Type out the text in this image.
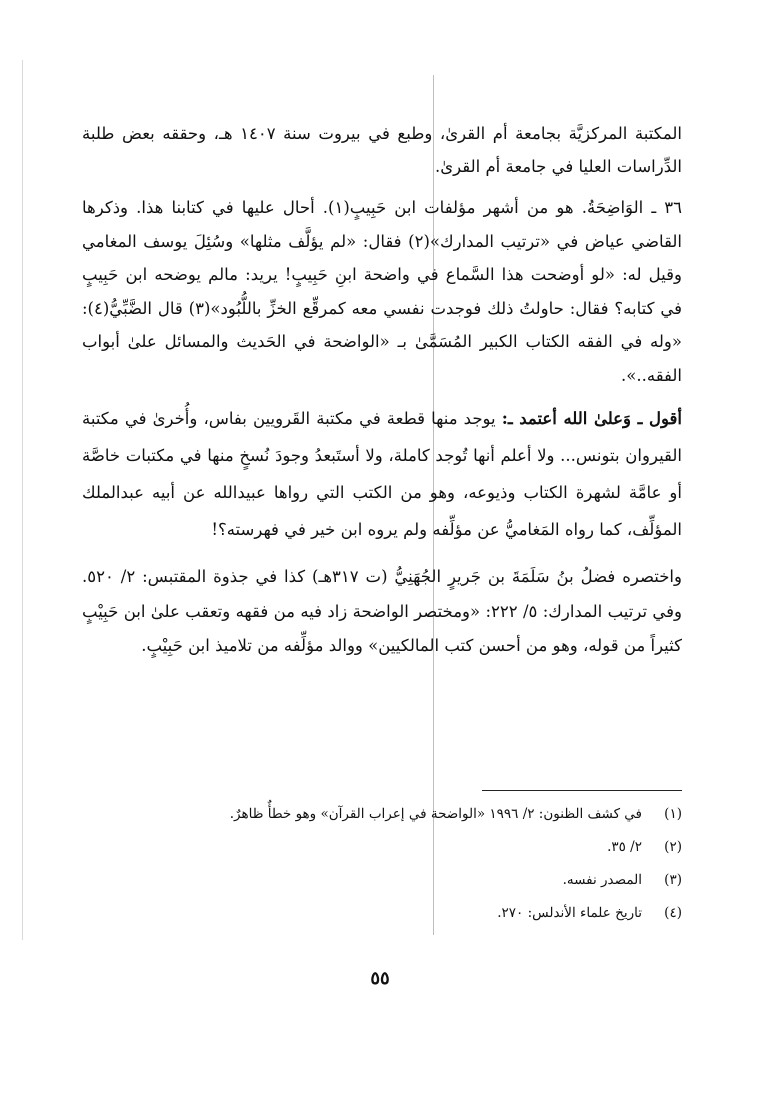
المكتبة المركزيَّة بجامعة أم القرىٰ، وطبع في بيروت سنة ١٤٠٧ هـ، وحققه بعض طلبة الدِّراسات العليا في جامعة أم القرىٰ.

٣٦ ـ الوَاضِحَةُ. هو من أشهر مؤلفات ابن حَبِيبٍ(١). أحال عليها في كتابنا هذا. وذكرها القاضي عياض في «ترتيب المدارك»(٢) فقال: «لم يؤلَّف مثلها» وسُئِلَ يوسف المغامي وقيل له: «لو أوضحت هذا السَّماع في واضحة ابنِ حَبِيبٍ! يريد: مالم يوضحه ابن حَبِيبٍ في كتابه؟ فقال: حاولتُ ذلك فوجدت نفسي معه كمرقِّع الخزِّ باللُّبُود»(٣) قال الضَّبِّيُّ(٤): «وله في الفقه الكتاب الكبير المُسَمَّىٰ بـ «الواضحة في الحَديث والمسائل علىٰ أبواب الفقه..».

أقول ـ وَعلىٰ الله أعتمد ـ: يوجد منها قطعة في مكتبة القَرويين بفاس، وأُخرىٰ في مكتبة القيروان بتونس... ولا أعلم أنها تُوجد كاملة، ولا أستَبعدُ وجودَ نُسخٍ منها في مكتبات خاصَّة أو عامَّة لشهرة الكتاب وذيوعه، وهو من الكتب التي رواها عبيدالله عن أبيه عبدالملك المؤلِّف، كما رواه المَغاميُّ عن مؤلِّفه ولم يروه ابن خير في فهرسته؟!

واختصره فضلُ بنُ سَلَمَةَ بن جَريرٍ الجُهَنِيُّ (ت ٣١٧هـ) كذا في جذوة المقتبس: ٢/ ٥٢٠. وفي ترتيب المدارك: ٥/ ٢٢٢: «ومختصر الواضحة زاد فيه من فقهه وتعقب علىٰ ابن حَبِيْبٍ كثيراً من قوله، وهو من أحسن كتب المالكيين» ووالد مؤلِّفه من تلاميذ ابن حَبِيْبٍ.

(١)في كشف الظنون: ٢/ ١٩٩٦ «الواضحة في إعراب القرآن» وهو خطأٌ ظاهرٌ.
(٢)٢/ ٣٥.
(٣)المصدر نفسه.
(٤)تاريخ علماء الأندلس: ٢٧٠.
٥٥
